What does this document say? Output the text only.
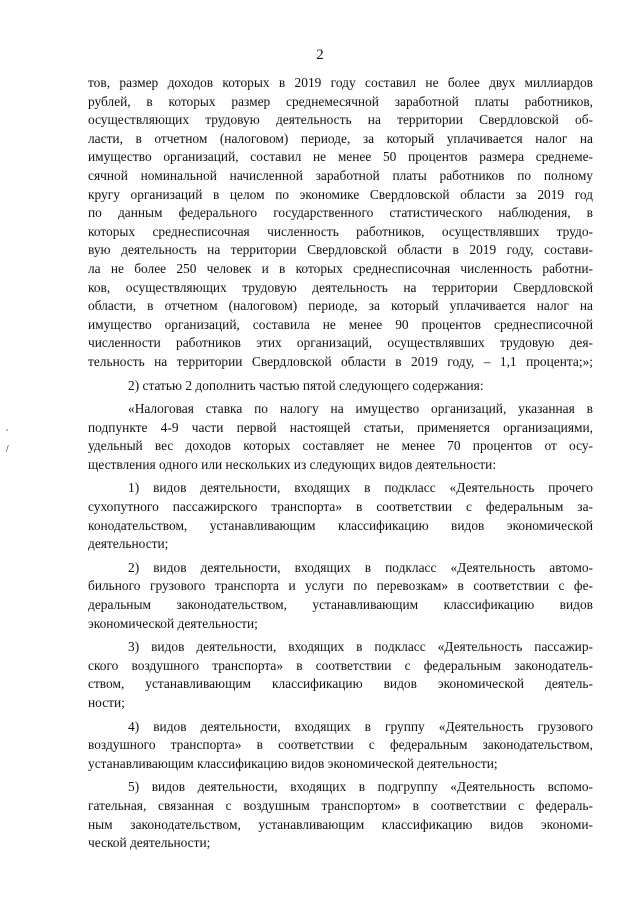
2
'
/
тов, размер доходов которых в 2019 году составил не более двух миллиардов
рублей, в которых размер среднемесячной заработной платы работников,
осуществляющих трудовую деятельность на территории Свердловской об-
ласти, в отчетном (налоговом) периоде, за который уплачивается налог на
имущество организаций, составил не менее 50 процентов размера среднеме-
сячной номинальной начисленной заработной платы работников по полному
кругу организаций в целом по экономике Свердловской области за 2019 год
по данным федерального государственного статистического наблюдения, в
которых среднесписочная численность работников, осуществлявших трудо-
вую деятельность на территории Свердловской области в 2019 году, состави-
ла не более 250 человек и в которых среднесписочная численность работни-
ков, осуществляющих трудовую деятельность на территории Свердловской
области, в отчетном (налоговом) периоде, за который уплачивается налог на
имущество организаций, составила не менее 90 процентов среднесписочной
численности работников этих организаций, осуществлявших трудовую дея-
тельность на территории Свердловской области в 2019 году, – 1,1 процента;»;
2) статью 2 дополнить частью пятой следующего содержания:
«Налоговая ставка по налогу на имущество организаций, указанная в
подпункте 4-9 части первой настоящей статьи, применяется организациями,
удельный вес доходов которых составляет не менее 70 процентов от осу-
ществления одного или нескольких из следующих видов деятельности:
1) видов деятельности, входящих в подкласс «Деятельность прочего
сухопутного пассажирского транспорта» в соответствии с федеральным за-
конодательством, устанавливающим классификацию видов экономической
деятельности;
2) видов деятельности, входящих в подкласс «Деятельность автомо-
бильного грузового транспорта и услуги по перевозкам» в соответствии с фе-
деральным законодательством, устанавливающим классификацию видов
экономической деятельности;
3) видов деятельности, входящих в подкласс «Деятельность пассажир-
ского воздушного транспорта» в соответствии с федеральным законодатель-
ством, устанавливающим классификацию видов экономической деятель-
ности;
4) видов деятельности, входящих в группу «Деятельность грузового
воздушного транспорта» в соответствии с федеральным законодательством,
устанавливающим классификацию видов экономической деятельности;
5) видов деятельности, входящих в подгруппу «Деятельность вспомо-
гательная, связанная с воздушным транспортом» в соответствии с федераль-
ным законодательством, устанавливающим классификацию видов экономи-
ческой деятельности;
